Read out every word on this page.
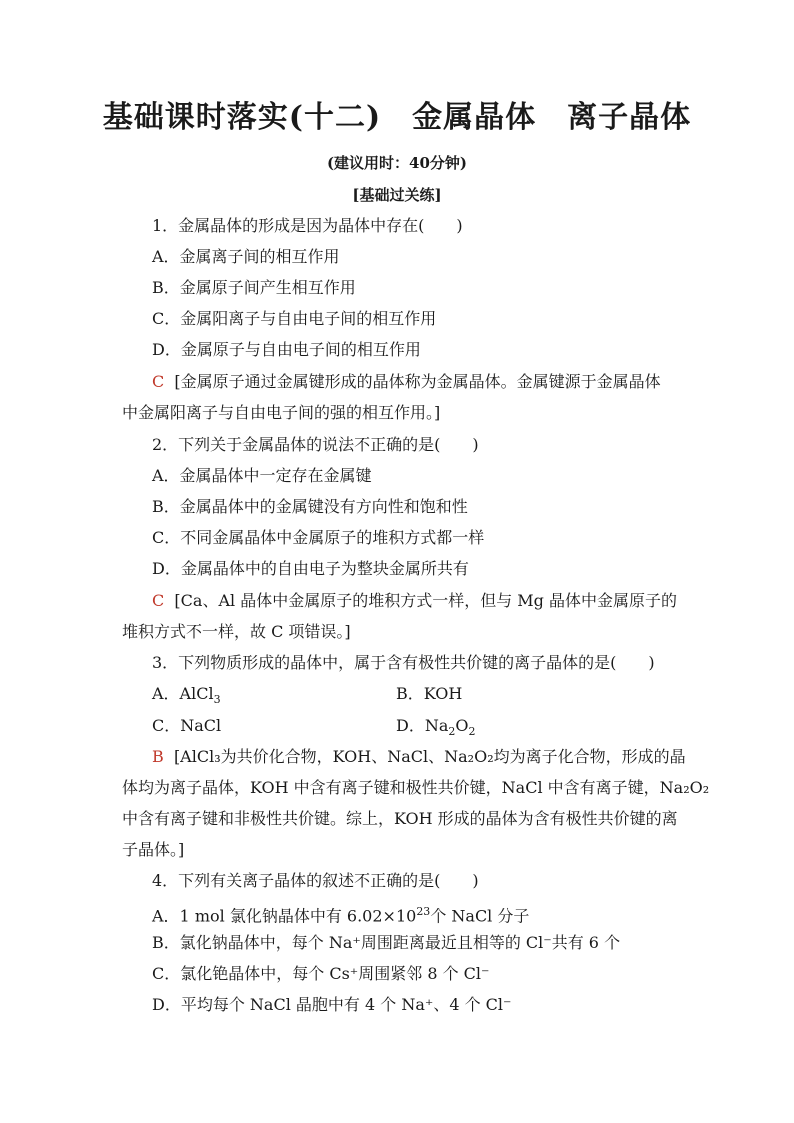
基础课时落实(十二)　金属晶体　离子晶体
(建议用时：40分钟)
[基础过关练]
1．金属晶体的形成是因为晶体中存在(　　)
A．金属离子间的相互作用
B．金属原子间产生相互作用
C．金属阳离子与自由电子间的相互作用
D．金属原子与自由电子间的相互作用
C [金属原子通过金属键形成的晶体称为金属晶体。金属键源于金属晶体
中金属阳离子与自由电子间的强的相互作用。]
2．下列关于金属晶体的说法不正确的是(　　)
A．金属晶体中一定存在金属键
B．金属晶体中的金属键没有方向性和饱和性
C．不同金属晶体中金属原子的堆积方式都一样
D．金属晶体中的自由电子为整块金属所共有
C [Ca、Al 晶体中金属原子的堆积方式一样，但与 Mg 晶体中金属原子的
堆积方式不一样，故 C 项错误。]
3．下列物质形成的晶体中，属于含有极性共价键的离子晶体的是(　　)
A．AlCl$_3$	B．KOH
C．NaCl	D．$Na_2O_2$
B [AlCl₃为共价化合物，KOH、NaCl、Na₂O₂均为离子化合物，形成的晶
体均为离子晶体，KOH 中含有离子键和极性共价键，NaCl 中含有离子键，Na₂O₂
中含有离子键和非极性共价键。综上，KOH 形成的晶体为含有极性共价键的离
子晶体。]
4．下列有关离子晶体的叙述不正确的是(　　)
A．1 mol 氯化钠晶体中有 $6.02\times 10^{23}$个 NaCl 分子
B．氯化钠晶体中，每个 Na⁺周围距离最近且相等的 Cl⁻共有 6 个
C．氯化铯晶体中，每个 Cs⁺周围紧邻 8 个 Cl⁻
D．平均每个 NaCl 晶胞中有 4 个 Na⁺、4 个 Cl⁻
